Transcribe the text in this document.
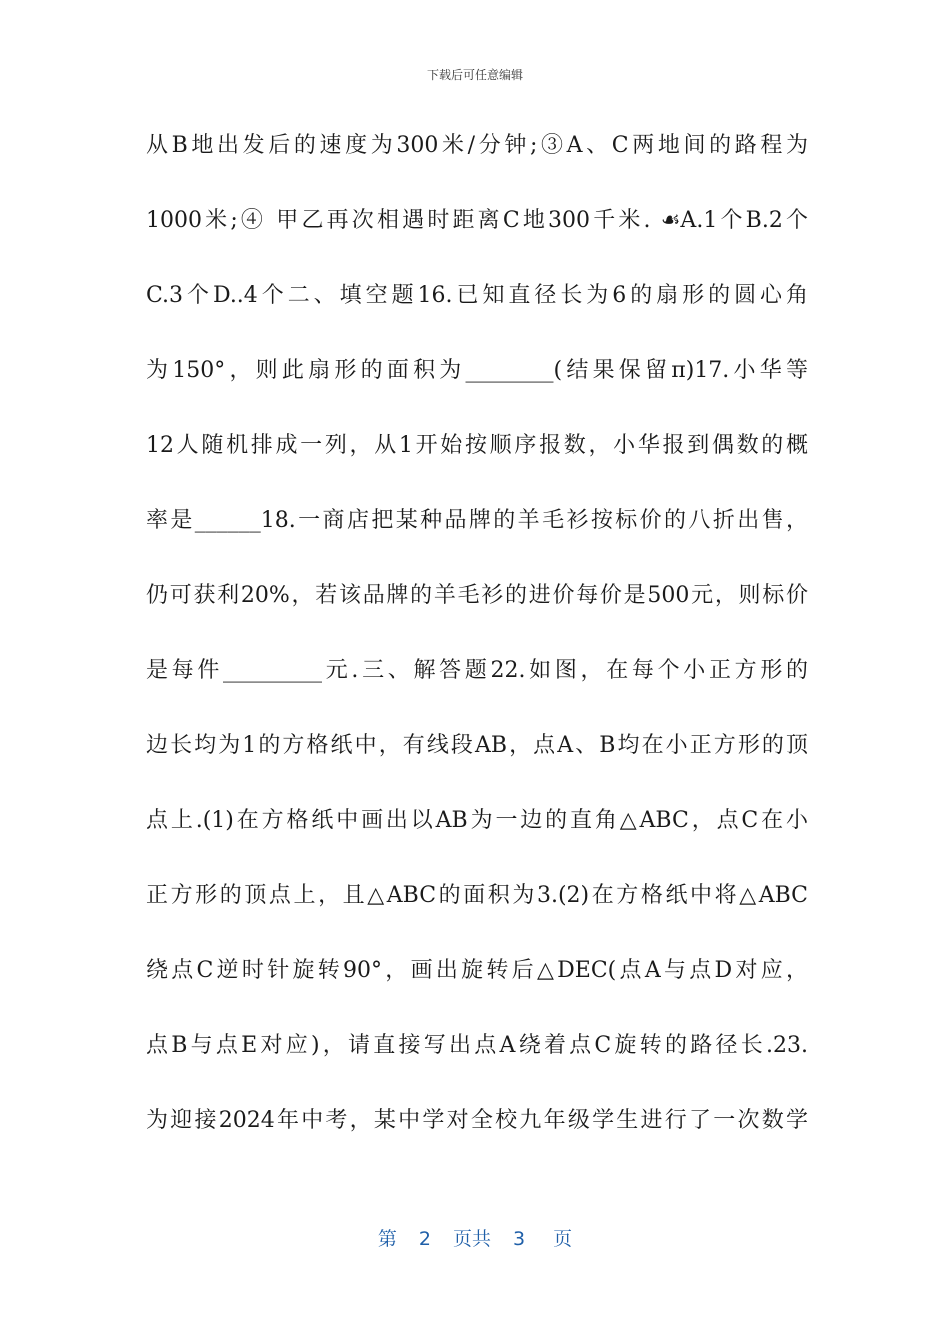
下载后可任意编辑
从B地出发后的速度为300米/分钟;③A、C两地间的路程为
1000米;④ 甲乙再次相遇时距离C地300千米. ☙A.1个B.2个
C.3个D..4个二、填空题16.已知直径长为6的扇形的圆心角
为150°，则此扇形的面积为________(结果保留π)17.小华等
12人随机排成一列，从1开始按顺序报数，小华报到偶数的概
率是______18.一商店把某种品牌的羊毛衫按标价的八折出售，
仍可获利20%，若该品牌的羊毛衫的进价每价是500元，则标价
是每件_________元.三、解答题22.如图，在每个小正方形的
边长均为1的方格纸中，有线段AB，点A、B均在小正方形的顶
点上.(1)在方格纸中画出以AB为一边的直角△ABC，点C在小
正方形的顶点上，且△ABC的面积为3.(2)在方格纸中将△ABC
绕点C逆时针旋转90°，画出旋转后△DEC(点A与点D对应，
点B与点E对应)，请直接写出点A绕着点C旋转的路径长.23.
为迎接2024年中考，某中学对全校九年级学生进行了一次数学
第 2 页共 3 页
